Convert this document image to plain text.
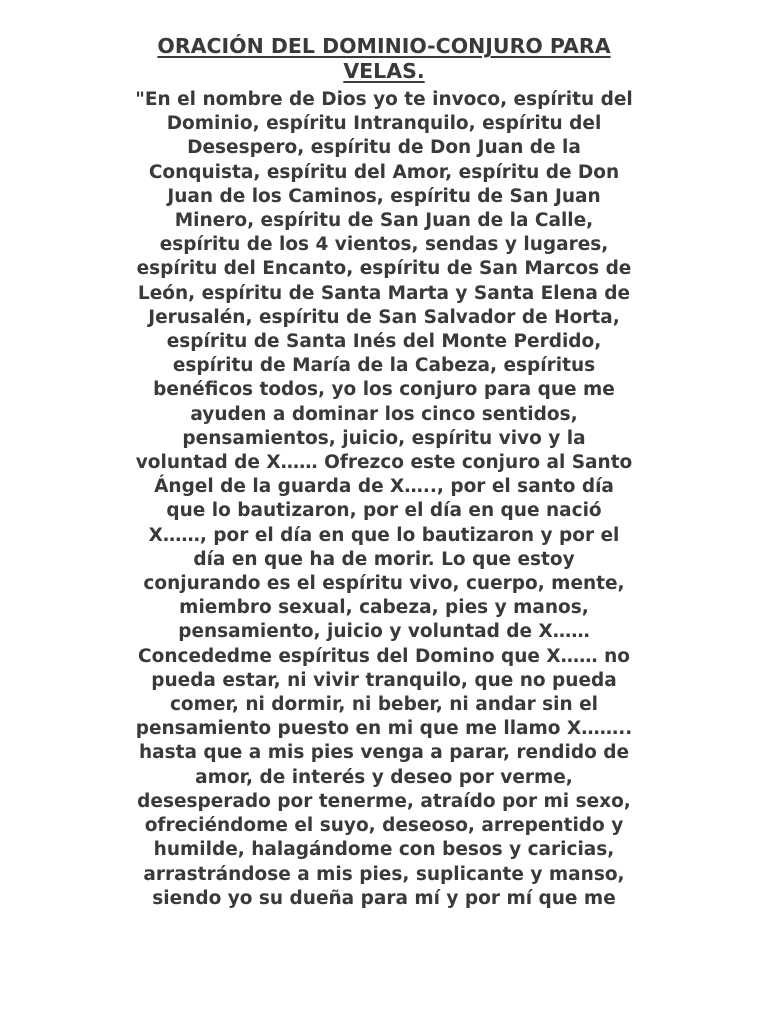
ORACIÓN DEL DOMINIO-CONJURO PARA
VELAS.
"En el nombre de Dios yo te invoco, espíritu del
Dominio, espíritu Intranquilo, espíritu del
Desespero, espíritu de Don Juan de la
Conquista, espíritu del Amor, espíritu de Don
Juan de los Caminos, espíritu de San Juan
Minero, espíritu de San Juan de la Calle,
espíritu de los 4 vientos, sendas y lugares,
espíritu del Encanto, espíritu de San Marcos de
León, espíritu de Santa Marta y Santa Elena de
Jerusalén, espíritu de San Salvador de Horta,
espíritu de Santa Inés del Monte Perdido,
espíritu de María de la Cabeza, espíritus
benéficos todos, yo los conjuro para que me
ayuden a dominar los cinco sentidos,
pensamientos, juicio, espíritu vivo y la
voluntad de X…… Ofrezco este conjuro al Santo
Ángel de la guarda de X….., por el santo día
que lo bautizaron, por el día en que nació
X……, por el día en que lo bautizaron y por el
día en que ha de morir. Lo que estoy
conjurando es el espíritu vivo, cuerpo, mente,
miembro sexual, cabeza, pies y manos,
pensamiento, juicio y voluntad de X……
Concededme espíritus del Domino que X…… no
pueda estar, ni vivir tranquilo, que no pueda
comer, ni dormir, ni beber, ni andar sin el
pensamiento puesto en mi que me llamo X……..
hasta que a mis pies venga a parar, rendido de
amor, de interés y deseo por verme,
desesperado por tenerme, atraído por mi sexo,
ofreciéndome el suyo, deseoso, arrepentido y
humilde, halagándome con besos y caricias,
arrastrándose a mis pies, suplicante y manso,
siendo yo su dueña para mí y por mí que me
